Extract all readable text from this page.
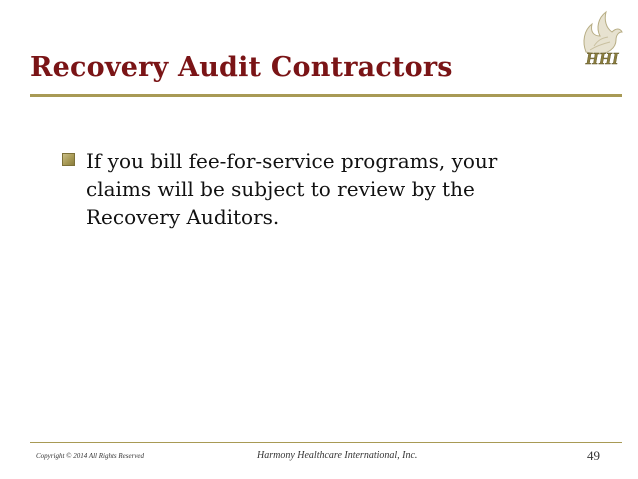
HHI
Recovery Audit Contractors

If you bill fee-for-service programs, your claims will be subject to review by the Recovery Auditors.

Copyright © 2014 All Rights Reserved	Harmony Healthcare International, Inc.	49
